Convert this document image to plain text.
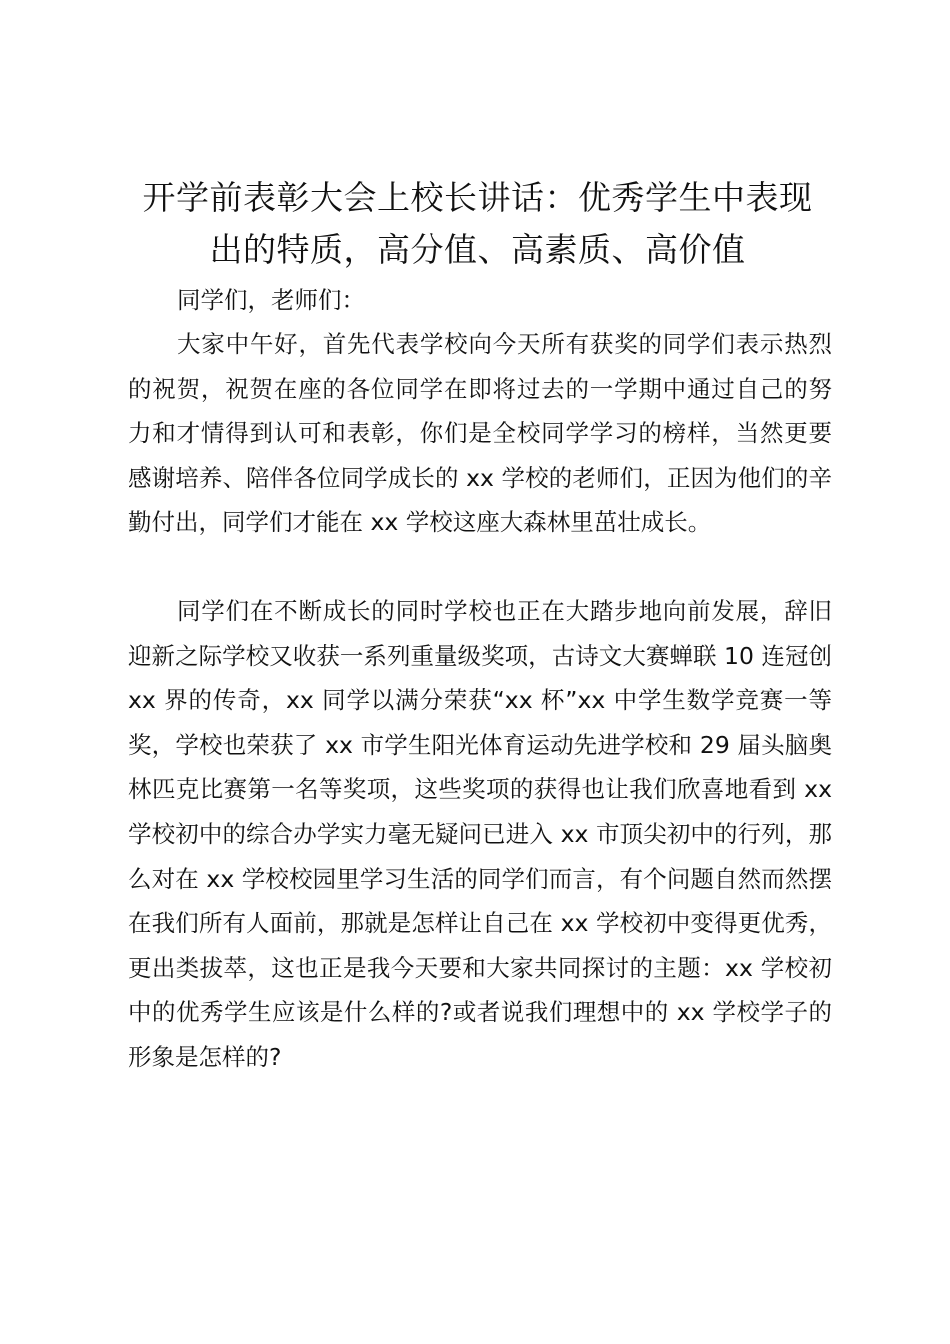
开学前表彰大会上校长讲话：优秀学生中表现
出的特质，高分值、高素质、高价值

同学们，老师们：

大家中午好，首先代表学校向今天所有获奖的同学们表示热烈的祝贺，祝贺在座的各位同学在即将过去的一学期中通过自己的努力和才情得到认可和表彰，你们是全校同学学习的榜样，当然更要感谢培养、陪伴各位同学成长的 xx 学校的老师们，正因为他们的辛勤付出，同学们才能在 xx 学校这座大森林里茁壮成长。

同学们在不断成长的同时学校也正在大踏步地向前发展，辞旧迎新之际学校又收获一系列重量级奖项，古诗文大赛蝉联 10 连冠创 xx 界的传奇，xx 同学以满分荣获“xx 杯”xx 中学生数学竞赛一等奖，学校也荣获了 xx 市学生阳光体育运动先进学校和 29 届头脑奥林匹克比赛第一名等奖项，这些奖项的获得也让我们欣喜地看到 xx 学校初中的综合办学实力毫无疑问已进入 xx 市顶尖初中的行列，那么对在 xx 学校校园里学习生活的同学们而言，有个问题自然而然摆在我们所有人面前，那就是怎样让自己在 xx 学校初中变得更优秀，更出类拔萃，这也正是我今天要和大家共同探讨的主题：xx 学校初中的优秀学生应该是什么样的?或者说我们理想中的 xx 学校学子的形象是怎样的?
